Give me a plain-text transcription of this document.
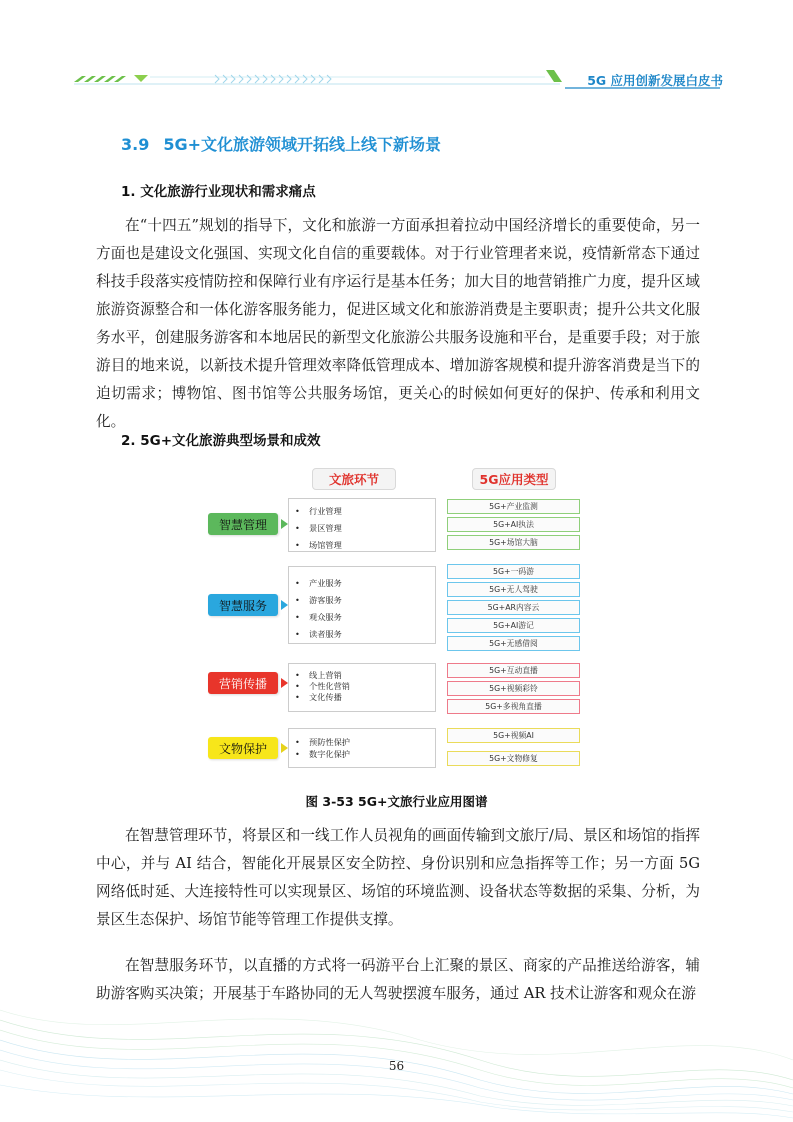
5G 应用创新发展白皮书
3.9 5G+文化旅游领域开拓线上线下新场景
1. 文化旅游行业现状和需求痛点
在“十四五”规划的指导下，文化和旅游一方面承担着拉动中国经济增长的重要使命，另一方面也是建设文化强国、实现文化自信的重要载体。对于行业管理者来说，疫情新常态下通过科技手段落实疫情防控和保障行业有序运行是基本任务；加大目的地营销推广力度，提升区域旅游资源整合和一体化游客服务能力，促进区域文化和旅游消费是主要职责；提升公共文化服务水平，创建服务游客和本地居民的新型文化旅游公共服务设施和平台，是重要手段；对于旅游目的地来说，以新技术提升管理效率降低管理成本、增加游客规模和提升游客消费是当下的迫切需求；博物馆、图书馆等公共服务场馆，更关心的时候如何更好的保护、传承和利用文化。
2. 5G+文化旅游典型场景和成效
文旅环节	5G应用类型
智慧管理
• 行业管理
• 景区管理
• 场馆管理
5G+产业监测
5G+AI执法
5G+场馆大脑
智慧服务
• 产业服务
• 游客服务
• 观众服务
• 读者服务
5G+一码游
5G+无人驾驶
5G+AR内容云
5G+AI游记
5G+无感借阅
营销传播
• 线上营销
• 个性化营销
• 文化传播
5G+互动直播
5G+视频彩铃
5G+多视角直播
文物保护	• 预防性保护
• 数字化保护
5G+视频AI
5G+文物修复
图 3-53 5G+文旅行业应用图谱
在智慧管理环节，将景区和一线工作人员视角的画面传输到文旅厅/局、景区和场馆的指挥中心，并与 AI 结合，智能化开展景区安全防控、身份识别和应急指挥等工作；另一方面 5G 网络低时延、大连接特性可以实现景区、场馆的环境监测、设备状态等数据的采集、分析，为景区生态保护、场馆节能等管理工作提供支撑。
在智慧服务环节，以直播的方式将一码游平台上汇聚的景区、商家的产品推送给游客，辅助游客购买决策；开展基于车路协同的无人驾驶摆渡车服务，通过 AR 技术让游客和观众在游
56
